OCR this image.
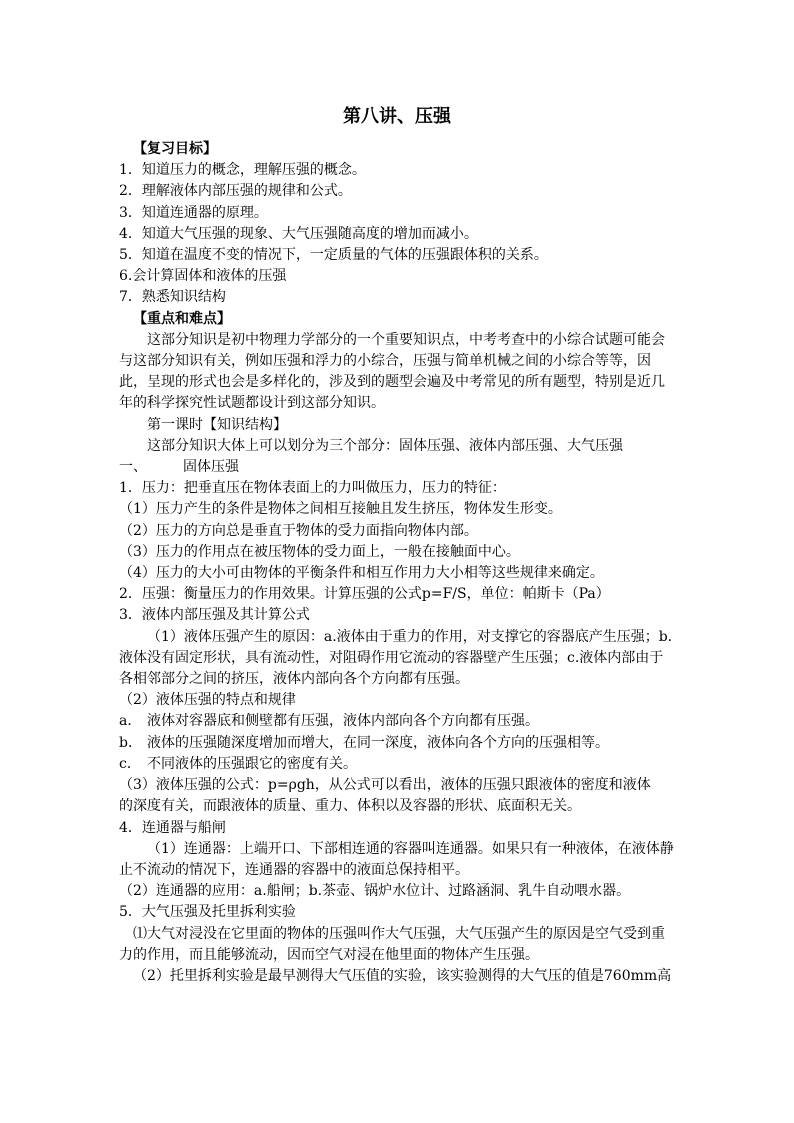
第八讲、压强

【复习目标】

1．知道压力的概念，理解压强的概念。

2．理解液体内部压强的规律和公式。

3．知道连通器的原理。

4．知道大气压强的现象、大气压强随高度的增加而减小。

5．知道在温度不变的情况下，一定质量的气体的压强跟体积的关系。

6.会计算固体和液体的压强

7．熟悉知识结构

【重点和难点】

这部分知识是初中物理力学部分的一个重要知识点，中考考查中的小综合试题可能会与这部分知识有关，例如压强和浮力的小综合，压强与简单机械之间的小综合等等，因此，呈现的形式也会是多样化的，涉及到的题型会遍及中考常见的所有题型，特别是近几年的科学探究性试题都设计到这部分知识。

第一课时【知识结构】

这部分知识大体上可以划分为三个部分：固体压强、液体内部压强、大气压强

一、	固体压强

1．压力：把垂直压在物体表面上的力叫做压力，压力的特征：

（1）压力产生的条件是物体之间相互接触且发生挤压，物体发生形变。

（2）压力的方向总是垂直于物体的受力面指向物体内部。

（3）压力的作用点在被压物体的受力面上，一般在接触面中心。

（4）压力的大小可由物体的平衡条件和相互作用力大小相等这些规律来确定。

2．压强：衡量压力的作用效果。计算压强的公式p=F/S，单位：帕斯卡（Pa）

3．液体内部压强及其计算公式

（1）液体压强产生的原因：a.液体由于重力的作用，对支撑它的容器底产生压强；b.液体没有固定形状，具有流动性，对阻碍作用它流动的容器壁产生压强；c.液体内部由于各相邻部分之间的挤压，液体内部向各个方向都有压强。

（2）液体压强的特点和规律

a． 液体对容器底和侧壁都有压强，液体内部向各个方向都有压强。

b． 液体的压强随深度增加而增大，在同一深度，液体向各个方向的压强相等。

c． 不同液体的压强跟它的密度有关。

（3）液体压强的公式：p=ρgh，从公式可以看出，液体的压强只跟液体的密度和液体

的深度有关，而跟液体的质量、重力、体积以及容器的形状、底面积无关。

4．连通器与船闸

（1）连通器：上端开口、下部相连通的容器叫连通器。如果只有一种液体，在液体静止不流动的情况下，连通器的容器中的液面总保持相平。

（2）连通器的应用：a.船闸；b.茶壶、锅炉水位计、过路涵洞、乳牛自动喂水器。

5．大气压强及托里拆利实验

⑴大气对浸没在它里面的物体的压强叫作大气压强，大气压强产生的原因是空气受到重力的作用，而且能够流动，因而空气对浸在他里面的物体产生压强。

（2）托里拆利实验是最早测得大气压值的实验，该实验测得的大气压的值是760mm高
